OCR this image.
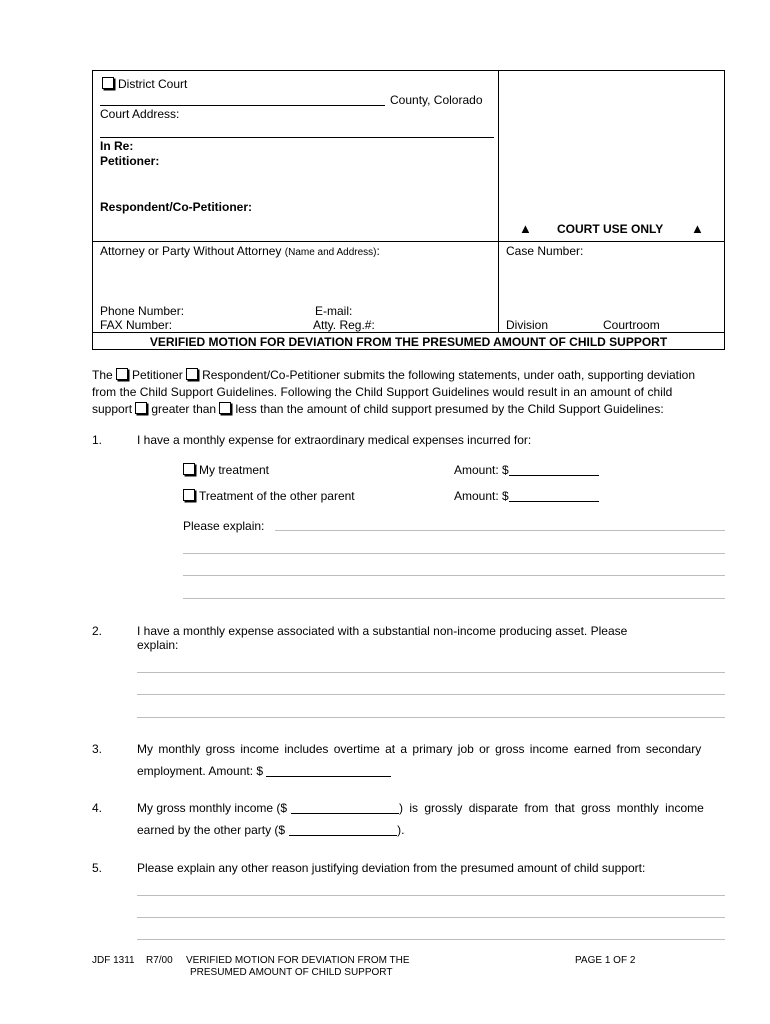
District Court
County, Colorado
Court Address:
In Re:
Petitioner:
Respondent/Co-Petitioner:
▲ COURT USE ONLY ▲
Attorney or Party Without Attorney (Name and Address):	Case Number:
Phone Number:	E-mail:
FAX Number:	Atty. Reg.#:	Division	Courtroom
VERIFIED MOTION FOR DEVIATION FROM THE PRESUMED AMOUNT OF CHILD SUPPORT
The Petitioner Respondent/Co-Petitioner submits the following statements, under oath, supporting deviation
from the Child Support Guidelines. Following the Child Support Guidelines would result in an amount of child
support greater than less than the amount of child support presumed by the Child Support Guidelines:
1.	I have a monthly expense for extraordinary medical expenses incurred for:
My treatment	Amount: $
Treatment of the other parent	Amount: $
Please explain:
2.	I have a monthly expense associated with a substantial non-income producing asset. Please
explain:
3.	My monthly gross income includes overtime at a primary job or gross income earned from secondary
employment. Amount: $
4.	My gross monthly income ($	) is grossly disparate from that gross monthly income
earned by the other party ($	).
5.	Please explain any other reason justifying deviation from the presumed amount of child support:
JDF 1311 R7/00 VERIFIED MOTION FOR DEVIATION FROM THE
PRESUMED AMOUNT OF CHILD SUPPORT
PAGE 1 OF 2
